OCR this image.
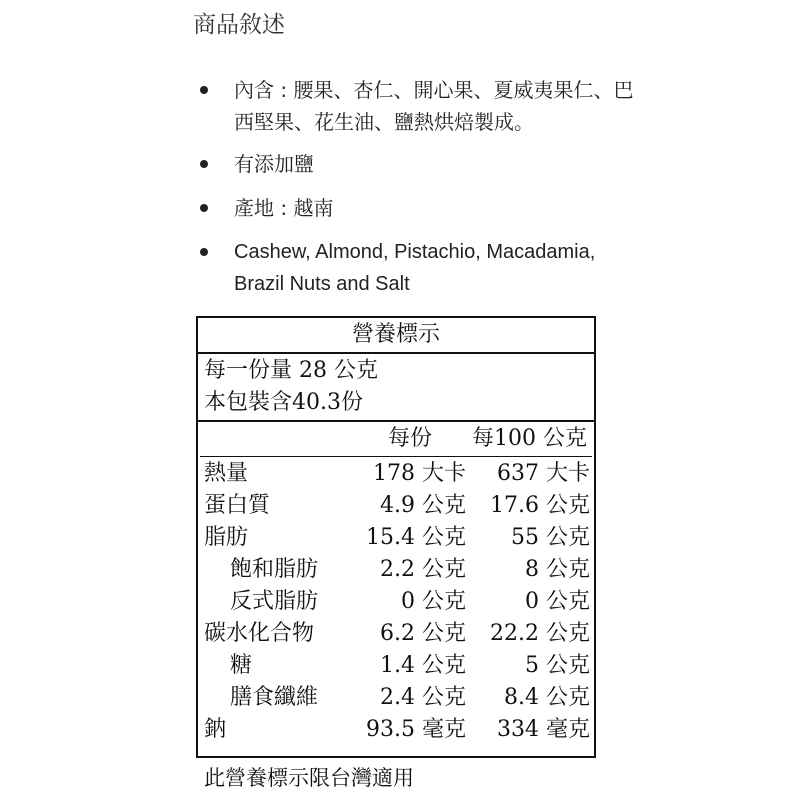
商品敘述
內含 : 腰果、杏仁、開心果、夏威夷果仁、巴西堅果、花生油、鹽熱烘焙製成。
有添加鹽
產地 : 越南
Cashew, Almond, Pistachio, Macadamia, Brazil Nuts and Salt
營養標示
每一份量 28 公克
本包裝含40.3份
每份 每100 公克
熱量	178 大卡 637 大卡
蛋白質	4.9 公克 17.6 公克
脂肪	15.4 公克 55 公克
飽和脂肪	2.2 公克	8 公克
反式脂肪	0 公克	0 公克
碳水化合物	6.2 公克 22.2 公克
糖	1.4 公克	5 公克
膳食纖維	2.4 公克 8.4 公克
鈉	93.5 毫克 334 毫克
此營養標示限台灣適用
